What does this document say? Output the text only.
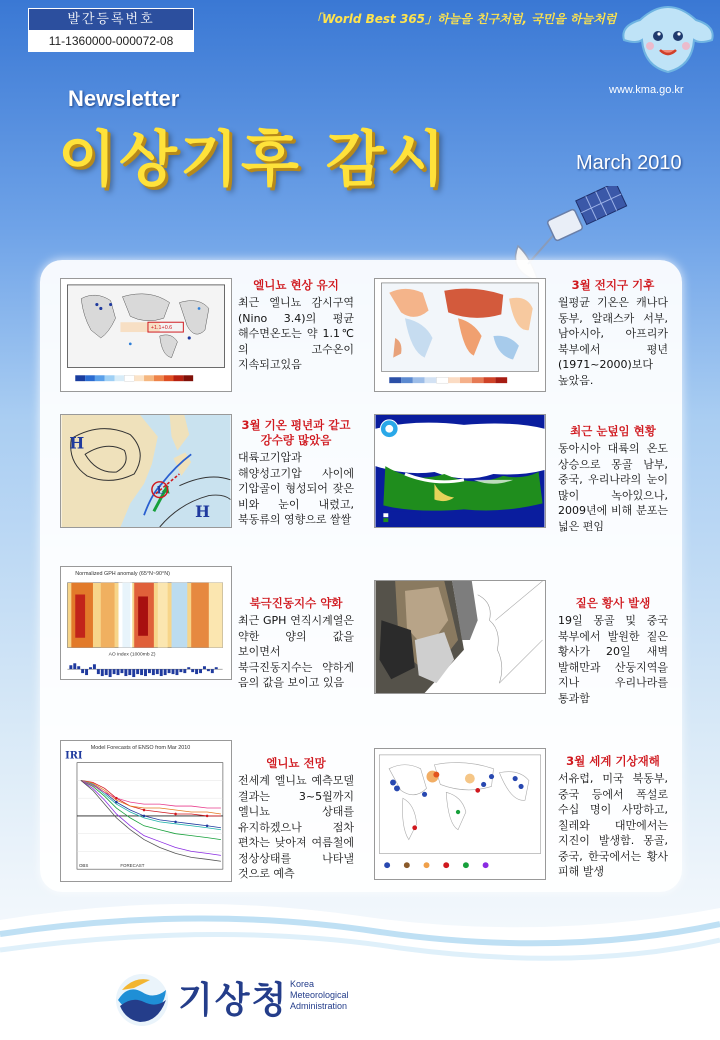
발간등록번호
11-1360000-000072-08
「World Best 365」하늘을 친구처럼, 국민을 하늘처럼
www.kma.go.kr
Newsletter
이상기후 감시	March 2010
+1.1+0.6
엘니뇨 현상 유지
최근 엘니뇨 감시구역 (Nino 3.4)의 평균 해수면온도는 약 1.1℃의 고수온이 지속되고있음
3월 전지구 기후
월평균 기온은 캐나다 동부, 알래스카 서부, 남아시아, 아프리카 북부에서 평년(1971~2000)보다 높았음.
L
H
H
3월 기온 평년과 같고 강수량 많았음
대륙고기압과 해양성고기압 사이에 기압골이 형성되어 잦은 비와 눈이 내렸고, 북동류의 영향으로 쌀쌀
최근 눈덮임 현황
동아시아 대륙의 온도 상승으로 몽골 남부, 중국, 우리나라의 눈이 많이 녹아있으나, 2009년에 비해 분포는 넓은 편임
Normalized GPH anomaly (65°N~90°N)
AO index (1000mb Z)
북극진동지수 약화
최근 GPH 연직시계열은 약한 양의 값을 보이면서 북극진동지수는 약하게 음의 값을 보이고 있음
짙은 황사 발생
19일 몽골 및 중국 북부에서 발원한 짙은 황사가 20일 새벽 발해만과 산둥지역을 지나 우리나라를 통과함
Model Forecasts of ENSO from Mar 2010
IRI
OBS	FORECAST
엘니뇨 전망
전세계 엘니뇨 예측모델 결과는 3~5월까지 엘니뇨 상태를 유지하겠으나 점차 편차는 낮아져 여름철에 정상상태를 나타낼 것으로 예측
3월 세계 기상재해
서유럽, 미국 북동부, 중국 등에서 폭설로 수십 명이 사망하고, 칠레와 대만에서는 지진이 발생함. 몽골, 중국, 한국에서는 황사 피해 발생
기상청 Korea
Meteorological
Administration
